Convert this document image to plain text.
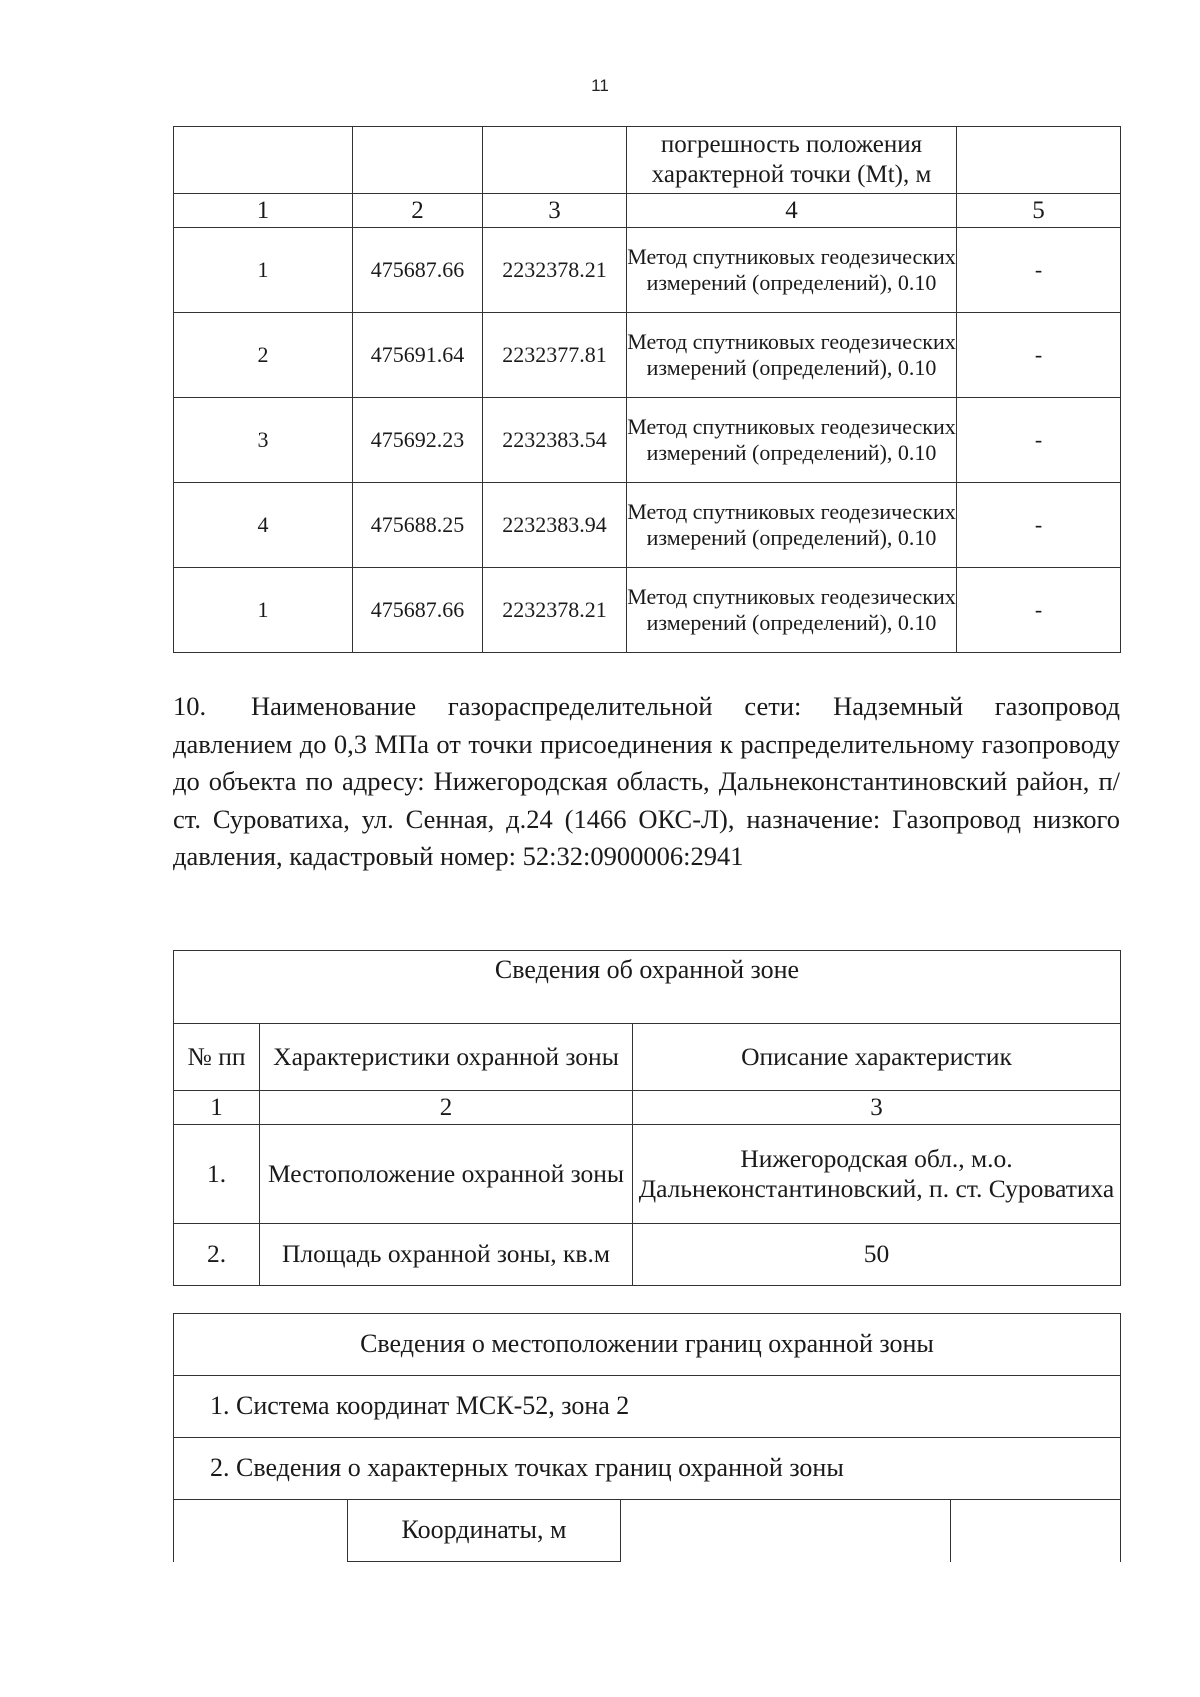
11
			погрешность положения характерной точки (Mt), м	
1	2	3	4	5
1	475687.66	2232378.21	Метод спутниковых геодезических измерений (определений), 0.10	-
2	475691.64	2232377.81	Метод спутниковых геодезических измерений (определений), 0.10	-
3	475692.23	2232383.54	Метод спутниковых геодезических измерений (определений), 0.10	-
4	475688.25	2232383.94	Метод спутниковых геодезических измерений (определений), 0.10	-
1	475687.66	2232378.21	Метод спутниковых геодезических измерений (определений), 0.10	-

10. Наименование газораспределительной сети: Надземный газопровод давлением до 0,3 МПа от точки присоединения к распределительному газопроводу до объекта по адресу: Нижегородская область, Дальнеконстантиновский район, п/ст. Суроватиха, ул. Сенная, д.24 (1466 ОКС-Л), назначение: Газопровод низкого давления, кадастровый номер: 52:32:0900006:2941

Сведения об охранной зоне		
№ пп	Характеристики охранной зоны	Описание характеристик
1	2	3
1.	Местоположение охранной зоны	Нижегородская обл., м.о. Дальнеконстантиновский, п. ст. Суроватиха
2.	Площадь охранной зоны, кв.м	50
Сведения о местоположении границ охранной зоны
1. Система координат МСК-52, зона 2
2. Сведения о характерных точках границ охранной зоны
	Координаты, м		
